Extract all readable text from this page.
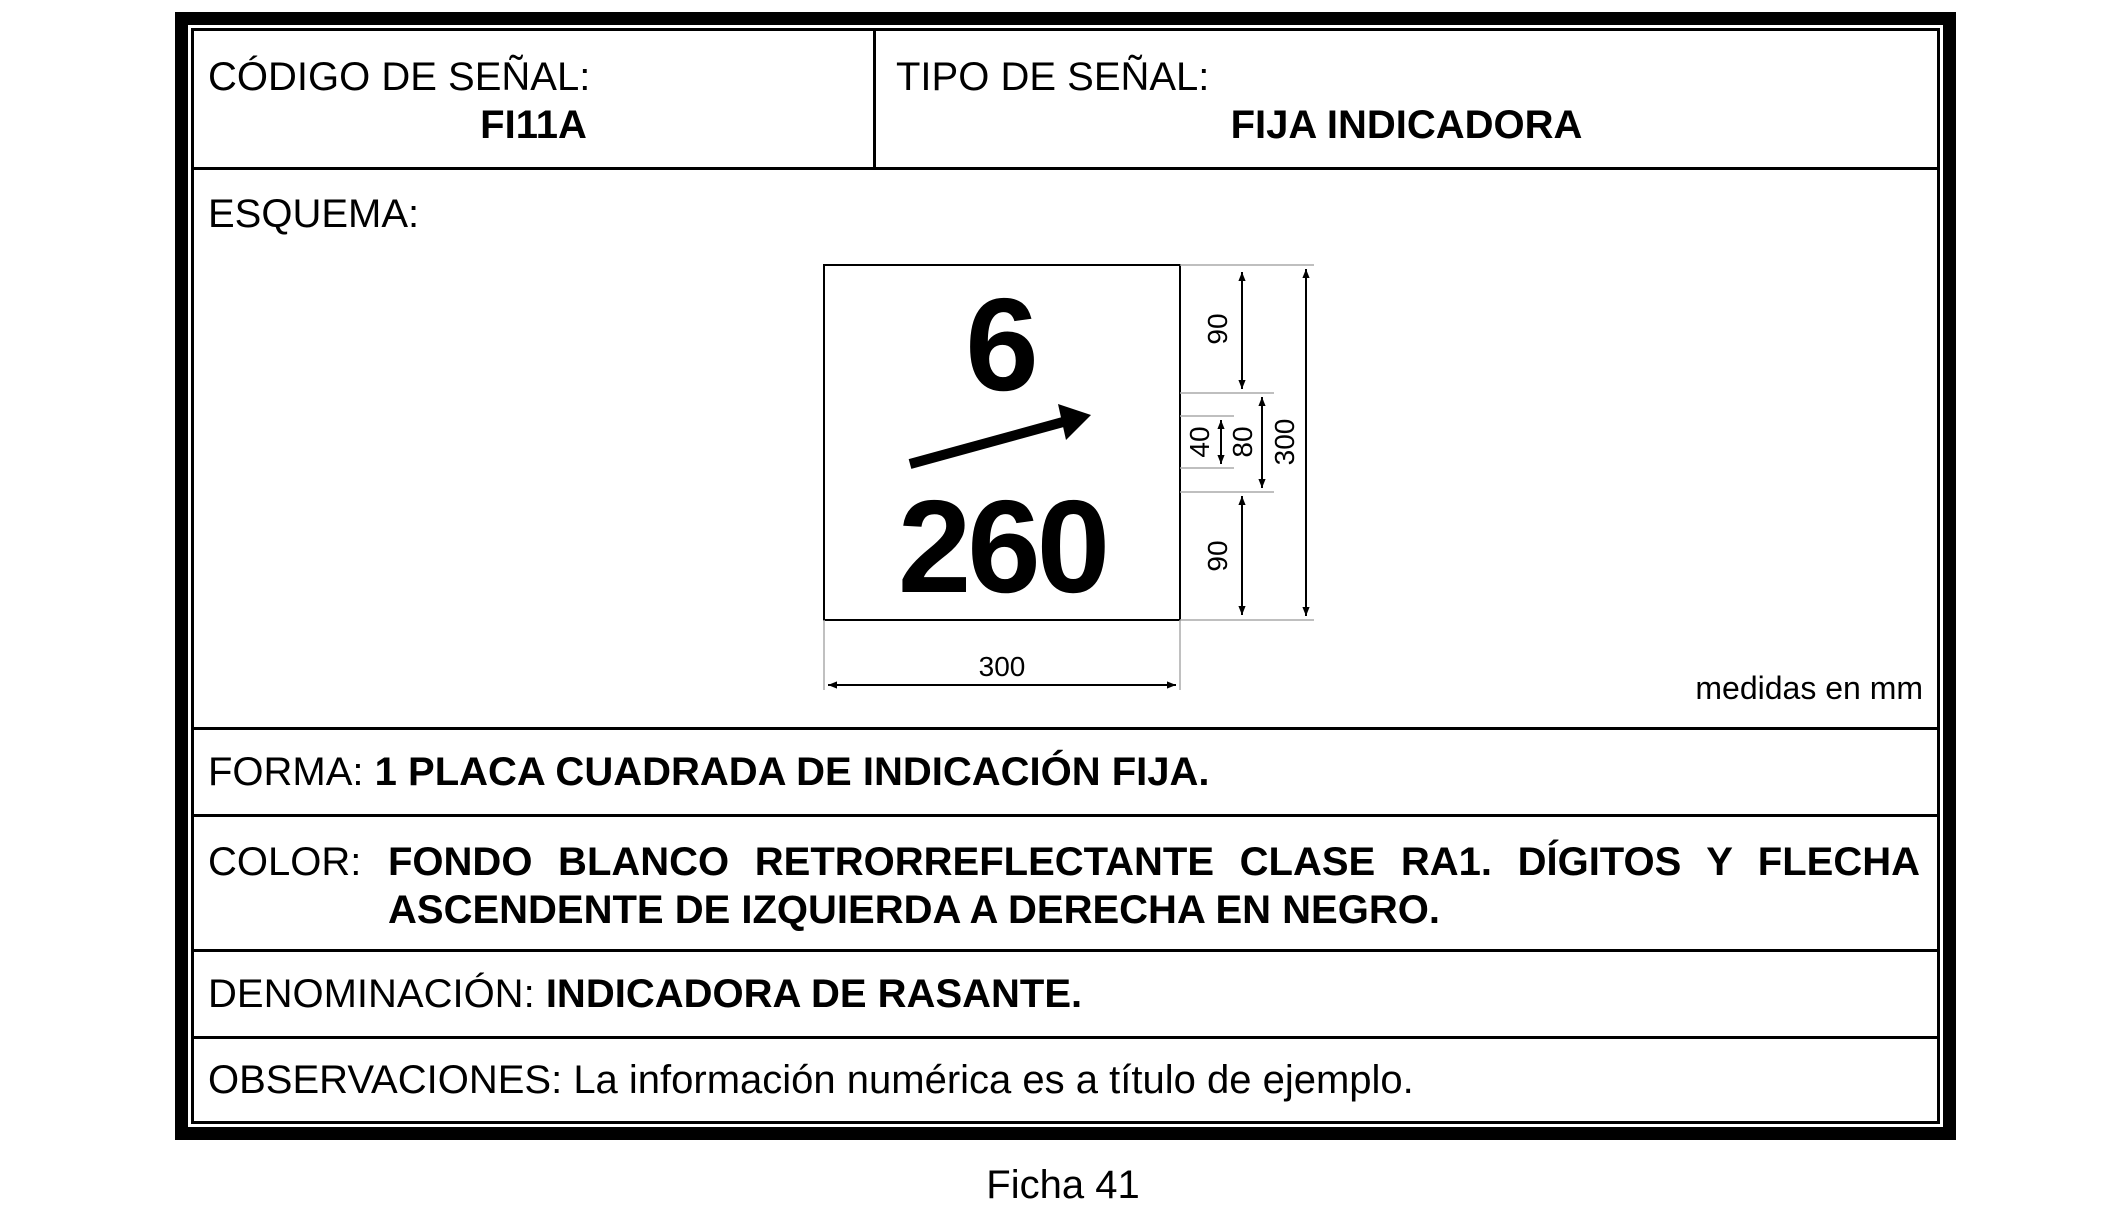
CÓDIGO DE SEÑAL:
FI11A
TIPO DE SEÑAL:
FIJA INDICADORA
ESQUEMA:
6
260
90
90
40 80 300
300
medidas en mm
FORMA: 1 PLACA CUADRADA DE INDICACIÓN FIJA.
COLOR: FONDO BLANCO RETRORREFLECTANTE CLASE RA1. DÍGITOS Y FLECHA ASCENDENTE DE IZQUIERDA A DERECHA EN NEGRO.
DENOMINACIÓN: INDICADORA DE RASANTE.
OBSERVACIONES: La información numérica es a título de ejemplo.
Ficha 41
